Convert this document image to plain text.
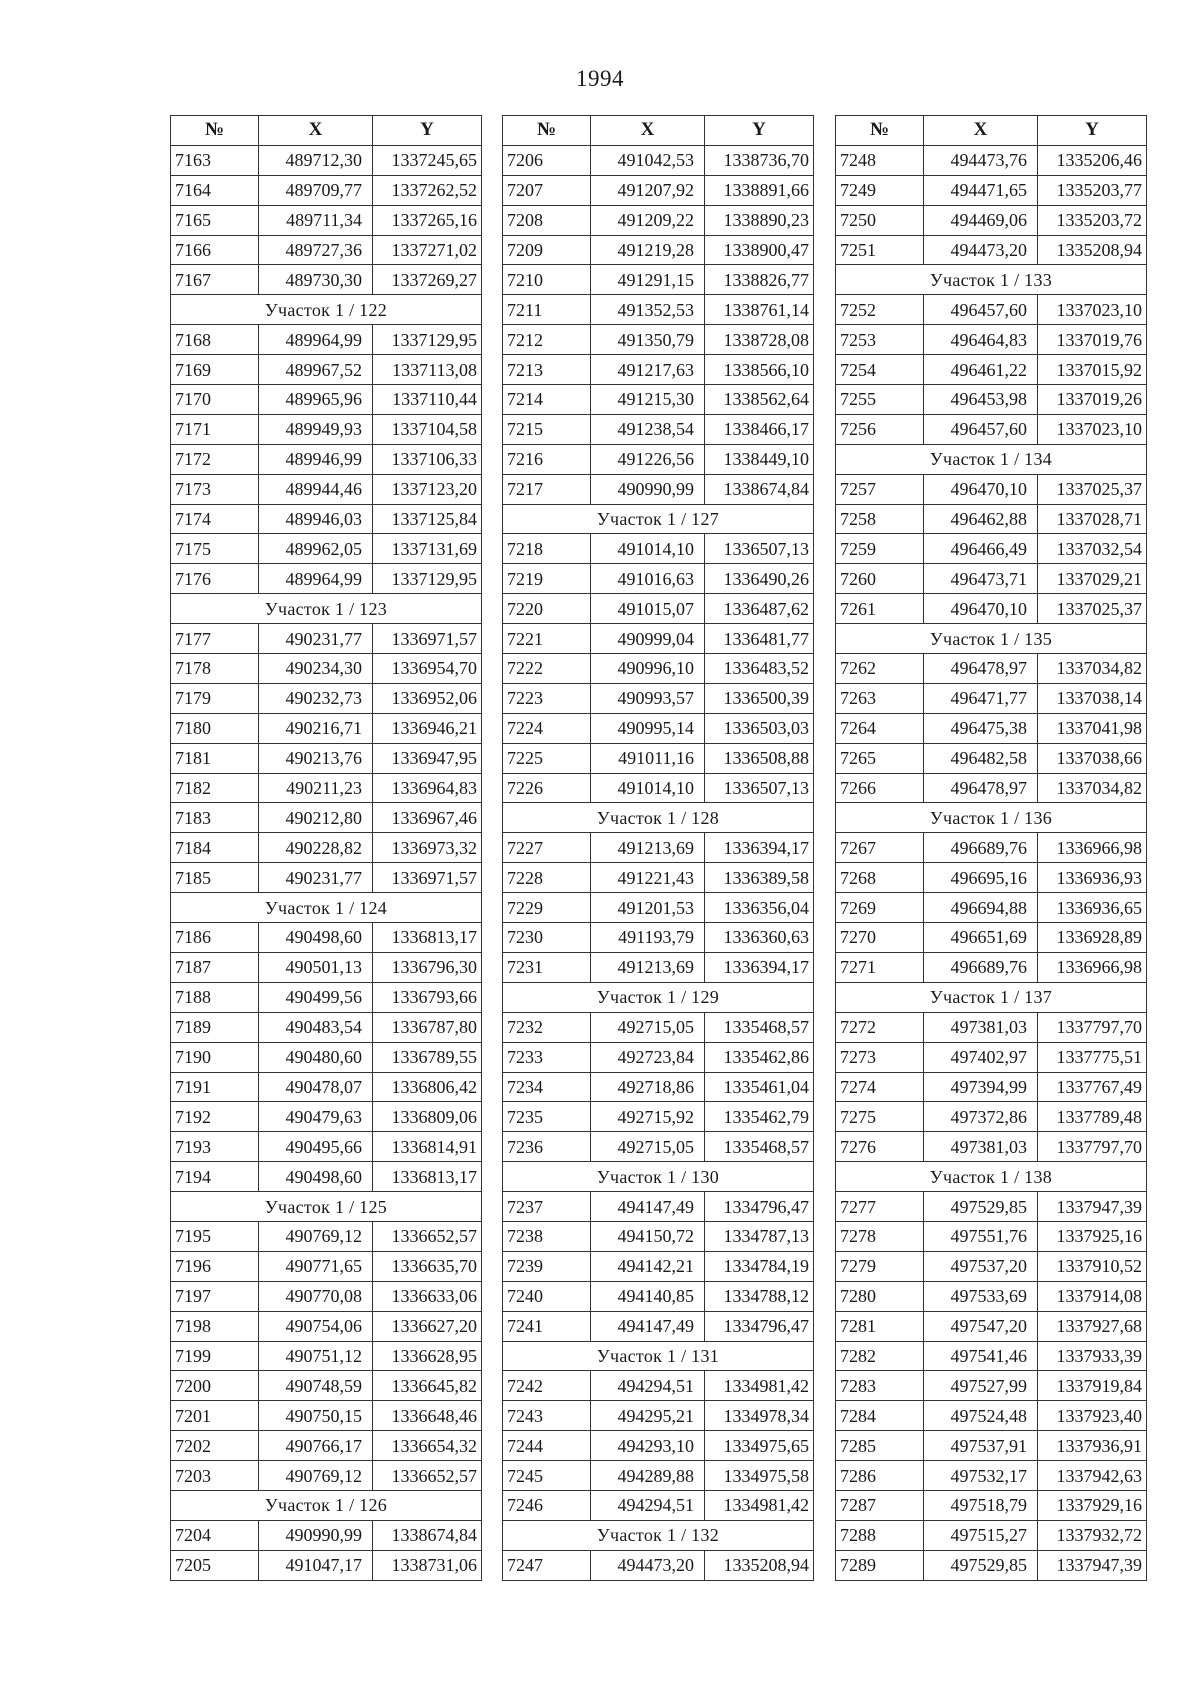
1994
№	X	Y
7163	489712,30	1337245,65
7164	489709,77	1337262,52
7165	489711,34	1337265,16
7166	489727,36	1337271,02
7167	489730,30	1337269,27
Участок 1 / 122		
7168	489964,99	1337129,95
7169	489967,52	1337113,08
7170	489965,96	1337110,44
7171	489949,93	1337104,58
7172	489946,99	1337106,33
7173	489944,46	1337123,20
7174	489946,03	1337125,84
7175	489962,05	1337131,69
7176	489964,99	1337129,95
Участок 1 / 123		
7177	490231,77	1336971,57
7178	490234,30	1336954,70
7179	490232,73	1336952,06
7180	490216,71	1336946,21
7181	490213,76	1336947,95
7182	490211,23	1336964,83
7183	490212,80	1336967,46
7184	490228,82	1336973,32
7185	490231,77	1336971,57
Участок 1 / 124		
7186	490498,60	1336813,17
7187	490501,13	1336796,30
7188	490499,56	1336793,66
7189	490483,54	1336787,80
7190	490480,60	1336789,55
7191	490478,07	1336806,42
7192	490479,63	1336809,06
7193	490495,66	1336814,91
7194	490498,60	1336813,17
Участок 1 / 125		
7195	490769,12	1336652,57
7196	490771,65	1336635,70
7197	490770,08	1336633,06
7198	490754,06	1336627,20
7199	490751,12	1336628,95
7200	490748,59	1336645,82
7201	490750,15	1336648,46
7202	490766,17	1336654,32
7203	490769,12	1336652,57
Участок 1 / 126		
7204	490990,99	1338674,84
7205	491047,17	1338731,06
№	X	Y
7206	491042,53	1338736,70
7207	491207,92	1338891,66
7208	491209,22	1338890,23
7209	491219,28	1338900,47
7210	491291,15	1338826,77
7211	491352,53	1338761,14
7212	491350,79	1338728,08
7213	491217,63	1338566,10
7214	491215,30	1338562,64
7215	491238,54	1338466,17
7216	491226,56	1338449,10
7217	490990,99	1338674,84
Участок 1 / 127		
7218	491014,10	1336507,13
7219	491016,63	1336490,26
7220	491015,07	1336487,62
7221	490999,04	1336481,77
7222	490996,10	1336483,52
7223	490993,57	1336500,39
7224	490995,14	1336503,03
7225	491011,16	1336508,88
7226	491014,10	1336507,13
Участок 1 / 128		
7227	491213,69	1336394,17
7228	491221,43	1336389,58
7229	491201,53	1336356,04
7230	491193,79	1336360,63
7231	491213,69	1336394,17
Участок 1 / 129		
7232	492715,05	1335468,57
7233	492723,84	1335462,86
7234	492718,86	1335461,04
7235	492715,92	1335462,79
7236	492715,05	1335468,57
Участок 1 / 130		
7237	494147,49	1334796,47
7238	494150,72	1334787,13
7239	494142,21	1334784,19
7240	494140,85	1334788,12
7241	494147,49	1334796,47
Участок 1 / 131		
7242	494294,51	1334981,42
7243	494295,21	1334978,34
7244	494293,10	1334975,65
7245	494289,88	1334975,58
7246	494294,51	1334981,42
Участок 1 / 132		
7247	494473,20	1335208,94
№	X	Y
7248	494473,76	1335206,46
7249	494471,65	1335203,77
7250	494469,06	1335203,72
7251	494473,20	1335208,94
Участок 1 / 133		
7252	496457,60	1337023,10
7253	496464,83	1337019,76
7254	496461,22	1337015,92
7255	496453,98	1337019,26
7256	496457,60	1337023,10
Участок 1 / 134		
7257	496470,10	1337025,37
7258	496462,88	1337028,71
7259	496466,49	1337032,54
7260	496473,71	1337029,21
7261	496470,10	1337025,37
Участок 1 / 135		
7262	496478,97	1337034,82
7263	496471,77	1337038,14
7264	496475,38	1337041,98
7265	496482,58	1337038,66
7266	496478,97	1337034,82
Участок 1 / 136		
7267	496689,76	1336966,98
7268	496695,16	1336936,93
7269	496694,88	1336936,65
7270	496651,69	1336928,89
7271	496689,76	1336966,98
Участок 1 / 137		
7272	497381,03	1337797,70
7273	497402,97	1337775,51
7274	497394,99	1337767,49
7275	497372,86	1337789,48
7276	497381,03	1337797,70
Участок 1 / 138		
7277	497529,85	1337947,39
7278	497551,76	1337925,16
7279	497537,20	1337910,52
7280	497533,69	1337914,08
7281	497547,20	1337927,68
7282	497541,46	1337933,39
7283	497527,99	1337919,84
7284	497524,48	1337923,40
7285	497537,91	1337936,91
7286	497532,17	1337942,63
7287	497518,79	1337929,16
7288	497515,27	1337932,72
7289	497529,85	1337947,39
